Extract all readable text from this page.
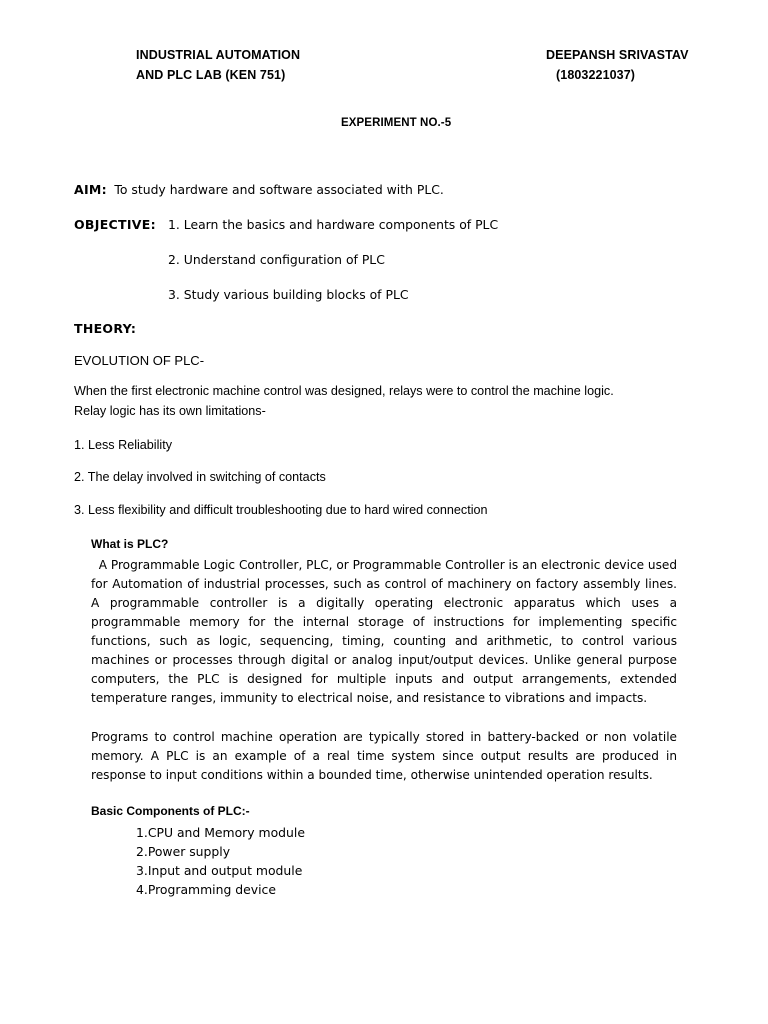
INDUSTRIAL AUTOMATION
AND PLC LAB (KEN 751)
DEEPANSH SRIVASTAV
(1803221037)
EXPERIMENT NO.-5
AIM: To study hardware and software associated with PLC.
OBJECTIVE: 1. Learn the basics and hardware components of PLC
2. Understand configuration of PLC
3. Study various building blocks of PLC
THEORY:
EVOLUTION OF PLC-
When the first electronic machine control was designed, relays were to control the machine logic.
Relay logic has its own limitations-
1. Less Reliability
2. The delay involved in switching of contacts
3. Less flexibility and difficult troubleshooting due to hard wired connection
What is PLC?
A Programmable Logic Controller, PLC, or Programmable Controller is an electronic device used for Automation of industrial processes, such as control of machinery on factory assembly lines. A programmable controller is a digitally operating electronic apparatus which uses a programmable memory for the internal storage of instructions for implementing specific functions, such as logic, sequencing, timing, counting and arithmetic, to control various machines or processes through digital or analog input/output devices. Unlike general purpose computers, the PLC is designed for multiple inputs and output arrangements, extended temperature ranges, immunity to electrical noise, and resistance to vibrations and impacts.
Programs to control machine operation are typically stored in battery-backed or non volatile memory. A PLC is an example of a real time system since output results are produced in response to input conditions within a bounded time, otherwise unintended operation results.
Basic Components of PLC:-
1.CPU and Memory module
2.Power supply
3.Input and output module
4.Programming device
